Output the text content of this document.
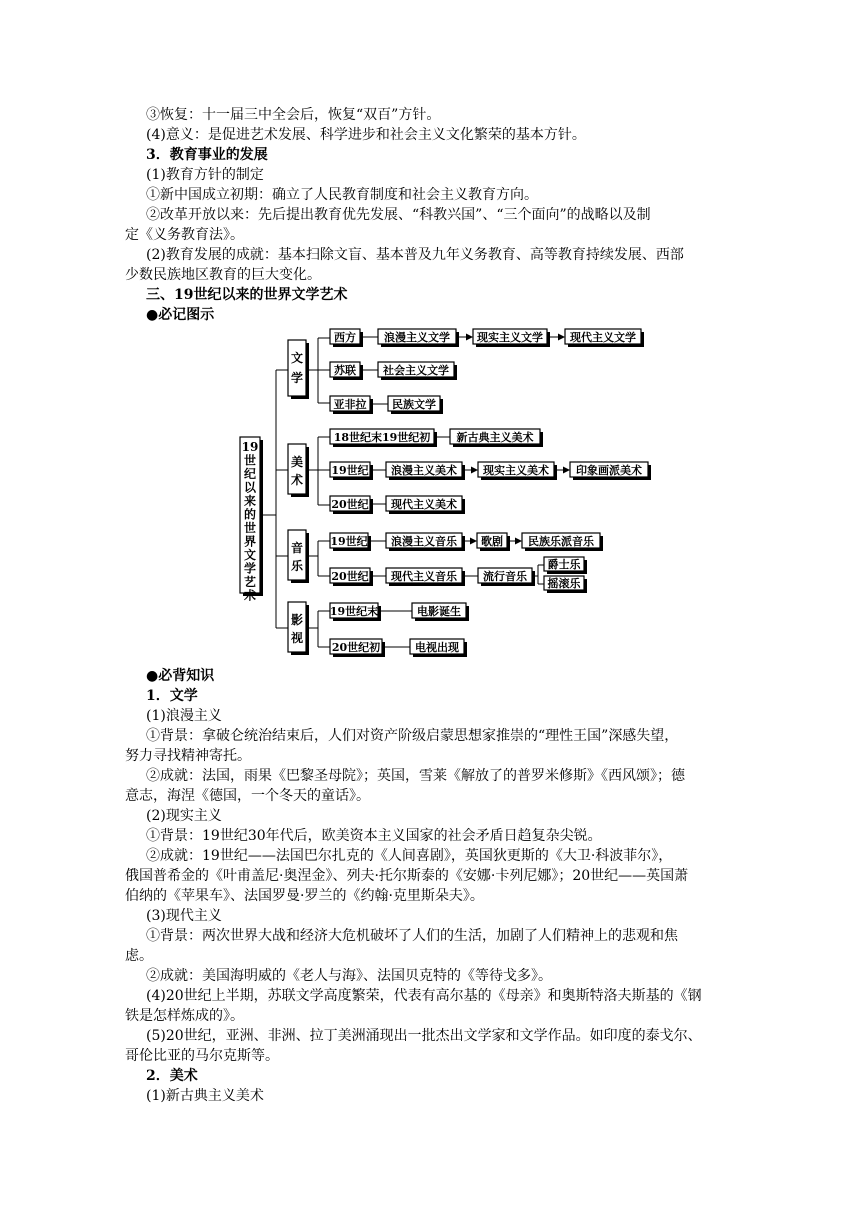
③恢复：十一届三中全会后，恢复“双百”方针。
(4)意义：是促进艺术发展、科学进步和社会主义文化繁荣的基本方针。
3．教育事业的发展
(1)教育方针的制定
①新中国成立初期：确立了人民教育制度和社会主义教育方向。
②改革开放以来：先后提出教育优先发展、“科教兴国”、“三个面向”的战略以及制
定《义务教育法》。
(2)教育发展的成就：基本扫除文盲、基本普及九年义务教育、高等教育持续发展、西部
少数民族地区教育的巨大变化。
三、19世纪以来的世界文学艺术
●必记图示
19 世纪以来的世界文学艺术
文学
美术
音乐
影视
西方	浪漫主义文学 现实主义文学 现代主义文学
苏联 社会主义文学
亚非拉 民族文学
18世纪末19世纪初 新古典主义美术
19世纪 浪漫主义美术 现实主义美术 印象画派美术
20世纪 现代主义美术
19世纪 浪漫主义音乐 歌剧 民族乐派音乐
20世纪 现代主义音乐 流行音乐
爵士乐
摇滚乐
19世纪末	电影诞生
20世纪初	电视出现
●必背知识
1．文学
(1)浪漫主义
①背景：拿破仑统治结束后，人们对资产阶级启蒙思想家推崇的“理性王国”深感失望，
努力寻找精神寄托。
②成就：法国，雨果《巴黎圣母院》；英国，雪莱《解放了的普罗米修斯》《西风颂》；德
意志，海涅《德国，一个冬天的童话》。
(2)现实主义
①背景：19世纪30年代后，欧美资本主义国家的社会矛盾日趋复杂尖锐。
②成就：19世纪——法国巴尔扎克的《人间喜剧》，英国狄更斯的《大卫·科波菲尔》，
俄国普希金的《叶甫盖尼·奥涅金》、列夫·托尔斯泰的《安娜·卡列尼娜》；20世纪——英国萧
伯纳的《苹果车》、法国罗曼·罗兰的《约翰·克里斯朵夫》。
(3)现代主义
①背景：两次世界大战和经济大危机破坏了人们的生活，加剧了人们精神上的悲观和焦
虑。
②成就：美国海明威的《老人与海》、法国贝克特的《等待戈多》。
(4)20世纪上半期，苏联文学高度繁荣，代表有高尔基的《母亲》和奥斯特洛夫斯基的《钢
铁是怎样炼成的》。
(5)20世纪，亚洲、非洲、拉丁美洲涌现出一批杰出文学家和文学作品。如印度的泰戈尔、
哥伦比亚的马尔克斯等。
2．美术
(1)新古典主义美术
